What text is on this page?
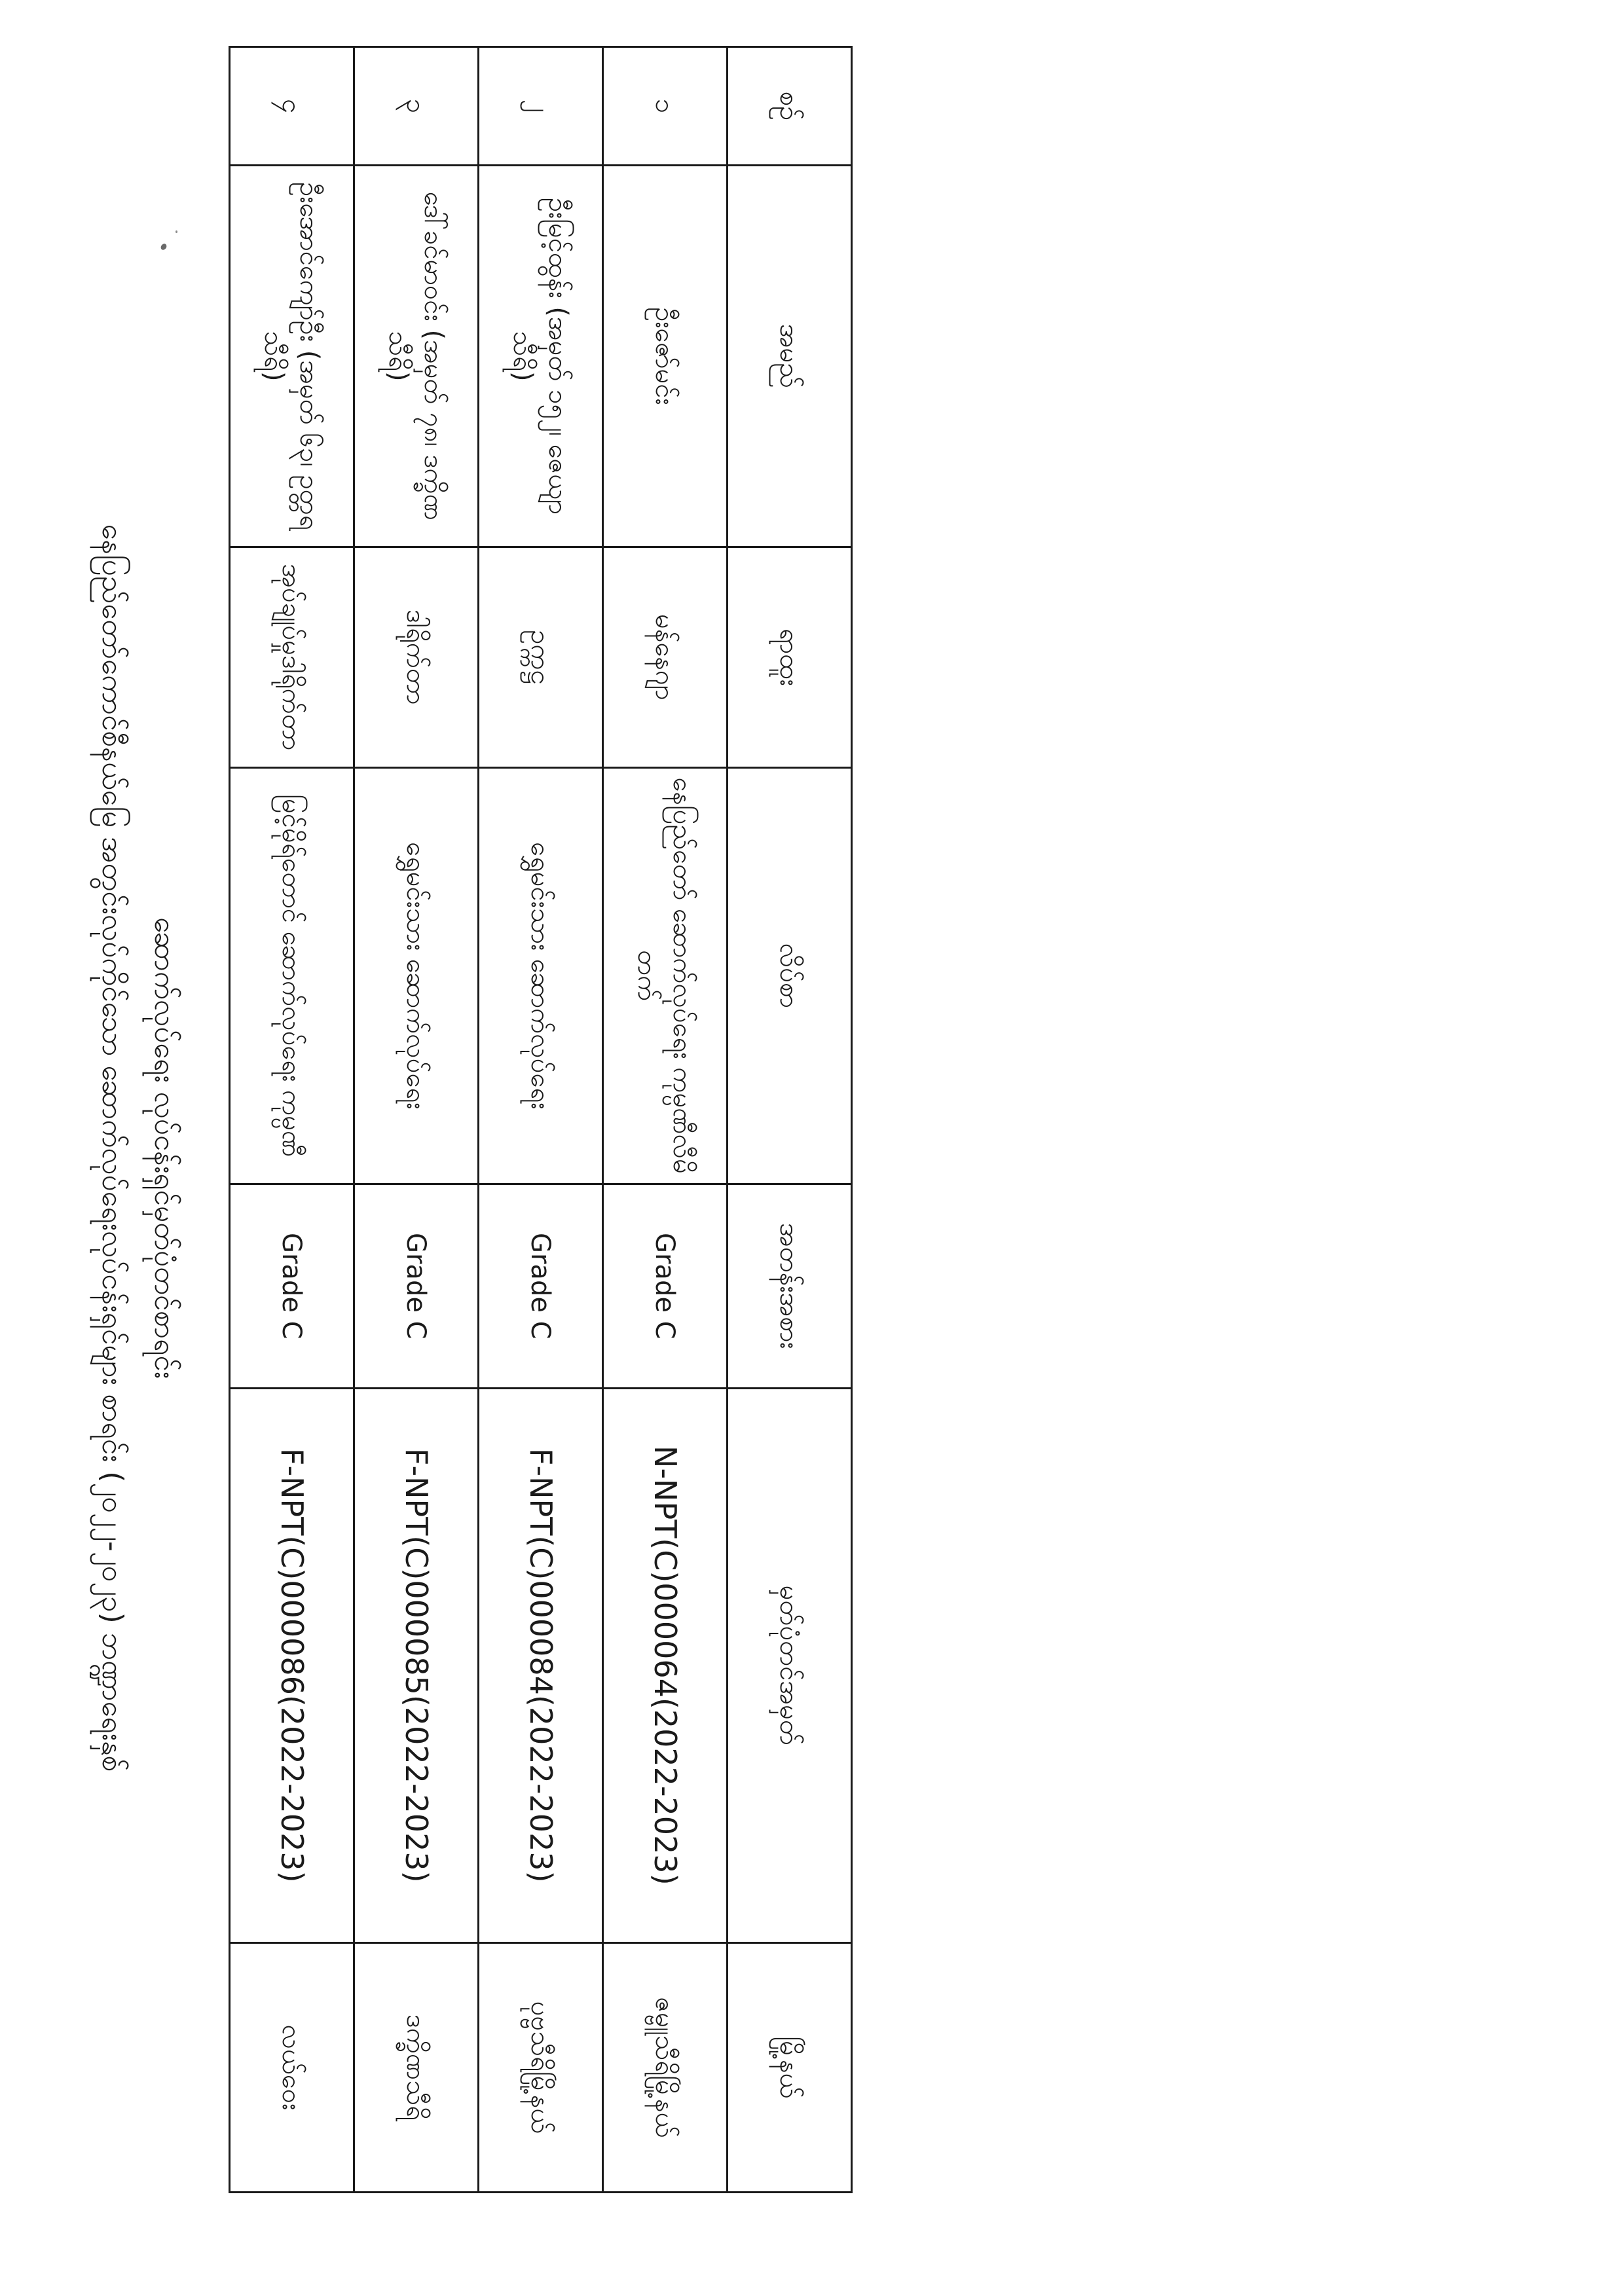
နေပြည်တော်ကောင်စီနယ်မြေ အတွင်းလုပ်ကိုင်သော ဆောက်လုပ်ရေးလုပ်ငန်းရှင်များ စာရင်း (၂၀၂၂-၂၀၂၃) ဘဏ္ဍာရေးနှစ် ဆောက်လုပ်ရေး လုပ်ငန်းရှင်မှတ်ပုံတင်စာရင်း
စဉ်	အမည်	ရာထူး	လိပ်စာ	အတန်းအစား	မှတ်ပုံတင်အမှတ်	မြို့နယ်
၁	ဦးဇော်မင်း	မန်နေဂျာ	နေပြည်တော် ဆောက်လုပ်ရေး ကုမ္ပဏီလီမိတက်	Grade C	N-NPT(C)000064(2022-2023)	ဇမ္ဗူသီရိမြို့နယ်
၂	ဦးမြင့်ထွန်း (အမှတ် ၁၅၂၊ ဇေယျာသီရိ)	ဥက္ကဋ္ဌ	ရွှေမင်းသား ဆောက်လုပ်ရေး	Grade C	F-NPT(C)000084(2022-2023)	ပုဗ္ဗသီရိမြို့နယ်
၃	ဒေါ်ခင်မာဝင်း (အမှတ် ၇၈၊ ဒက္ခိဏသီရိ)	ဒါရိုက်တာ	ရွှေမင်းသား ဆောက်လုပ်ရေး	Grade C	F-NPT(C)000085(2022-2023)	ဒက္ခိဏသီရိ
၄	ဦးအောင်ကျော်ဦး (အမှတ် ၆၃၊ ဥတ္တရသီရိ)	အုပ်ချုပ်မှုဒါရိုက်တာ	မြင့်မိုရ်တောင် ဆောက်လုပ်ရေး ကုမ္ပဏီ	Grade C	F-NPT(C)000086(2022-2023)	လယ်ဝေး
